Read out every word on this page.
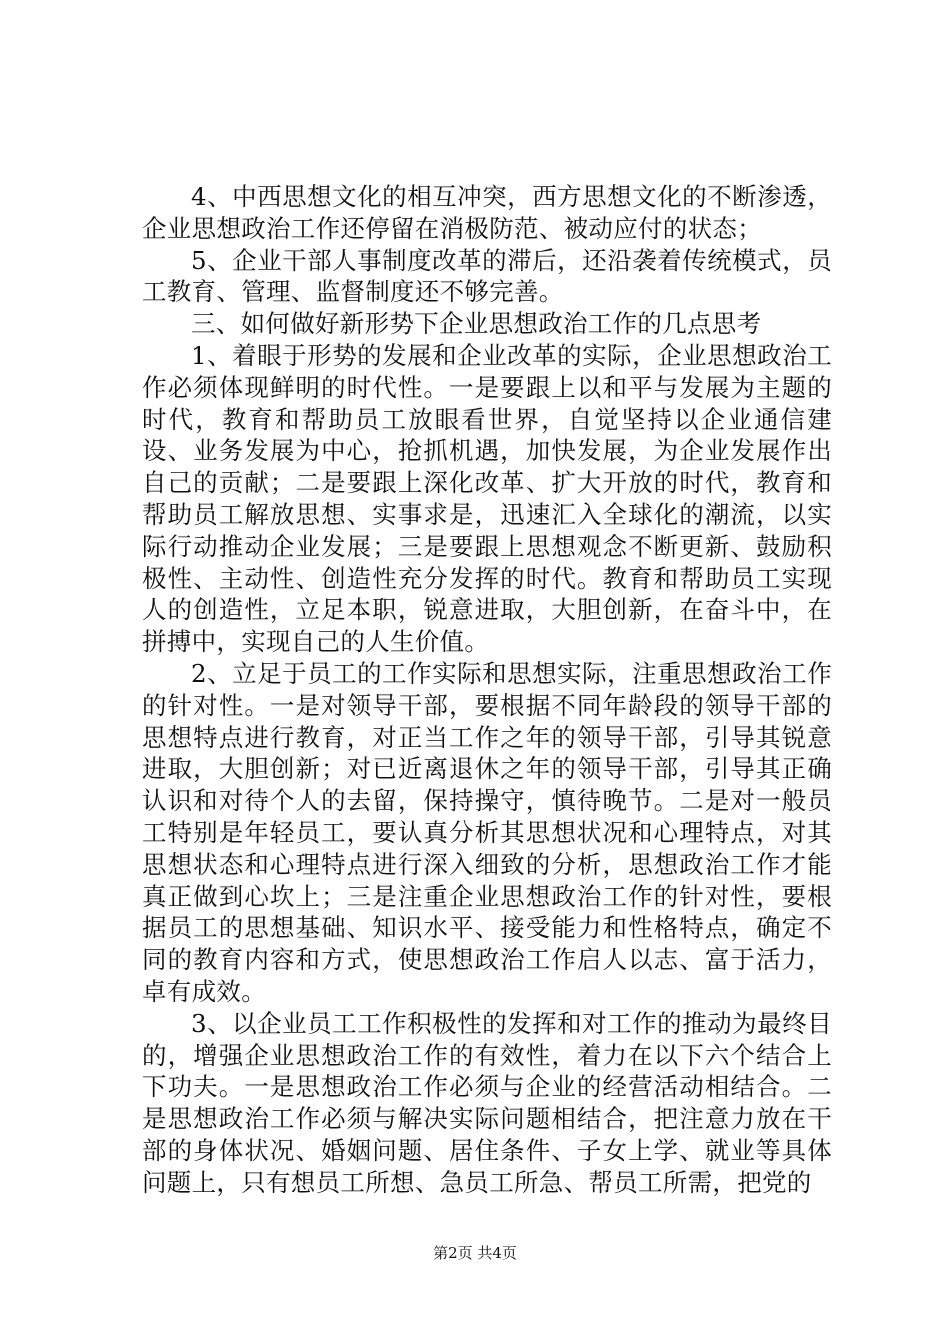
4、中西思想文化的相互冲突，西方思想文化的不断渗透，企业思想政治工作还停留在消极防范、被动应付的状态；

5、企业干部人事制度改革的滞后，还沿袭着传统模式，员工教育、管理、监督制度还不够完善。

三、如何做好新形势下企业思想政治工作的几点思考

1、着眼于形势的发展和企业改革的实际，企业思想政治工作必须体现鲜明的时代性。一是要跟上以和平与发展为主题的时代，教育和帮助员工放眼看世界，自觉坚持以企业通信建设、业务发展为中心，抢抓机遇，加快发展，为企业发展作出自己的贡献；二是要跟上深化改革、扩大开放的时代，教育和帮助员工解放思想、实事求是，迅速汇入全球化的潮流，以实际行动推动企业发展；三是要跟上思想观念不断更新、鼓励积极性、主动性、创造性充分发挥的时代。教育和帮助员工实现人的创造性，立足本职，锐意进取，大胆创新，在奋斗中，在拼搏中，实现自己的人生价值。

2、立足于员工的工作实际和思想实际，注重思想政治工作的针对性。一是对领导干部，要根据不同年龄段的领导干部的思想特点进行教育，对正当工作之年的领导干部，引导其锐意进取，大胆创新；对已近离退休之年的领导干部，引导其正确认识和对待个人的去留，保持操守，慎待晚节。二是对一般员工特别是年轻员工，要认真分析其思想状况和心理特点，对其思想状态和心理特点进行深入细致的分析，思想政治工作才能真正做到心坎上；三是注重企业思想政治工作的针对性，要根据员工的思想基础、知识水平、接受能力和性格特点，确定不同的教育内容和方式，使思想政治工作启人以志、富于活力，卓有成效。

3、以企业员工工作积极性的发挥和对工作的推动为最终目的，增强企业思想政治工作的有效性，着力在以下六个结合上下功夫。一是思想政治工作必须与企业的经营活动相结合。二是思想政治工作必须与解决实际问题相结合，把注意力放在干部的身体状况、婚姻问题、居住条件、子女上学、就业等具体问题上，只有想员工所想、急员工所急、帮员工所需，把党的

第2页 共4页
